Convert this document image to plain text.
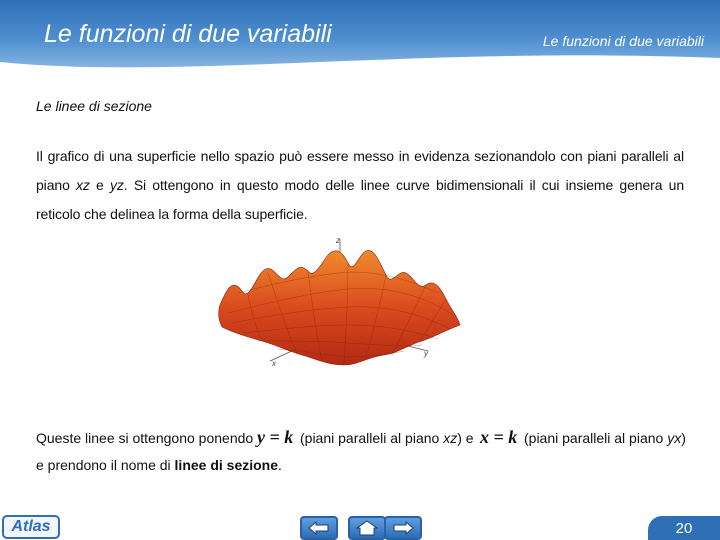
Le funzioni di due variabili	Le funzioni di due variabili
Le linee di sezione
Il grafico di una superficie nello spazio può essere messo in evidenza sezionandolo con piani paralleli al piano xz e yz. Si ottengono in questo modo delle linee curve bidimensionali il cui insieme genera un reticolo che delinea la forma della superficie.
z
x
y
Queste linee si ottengono ponendo y = k (piani paralleli al piano xz) e x = k (piani paralleli al piano yx)
e prendono il nome di linee di sezione.
Atlas	20
